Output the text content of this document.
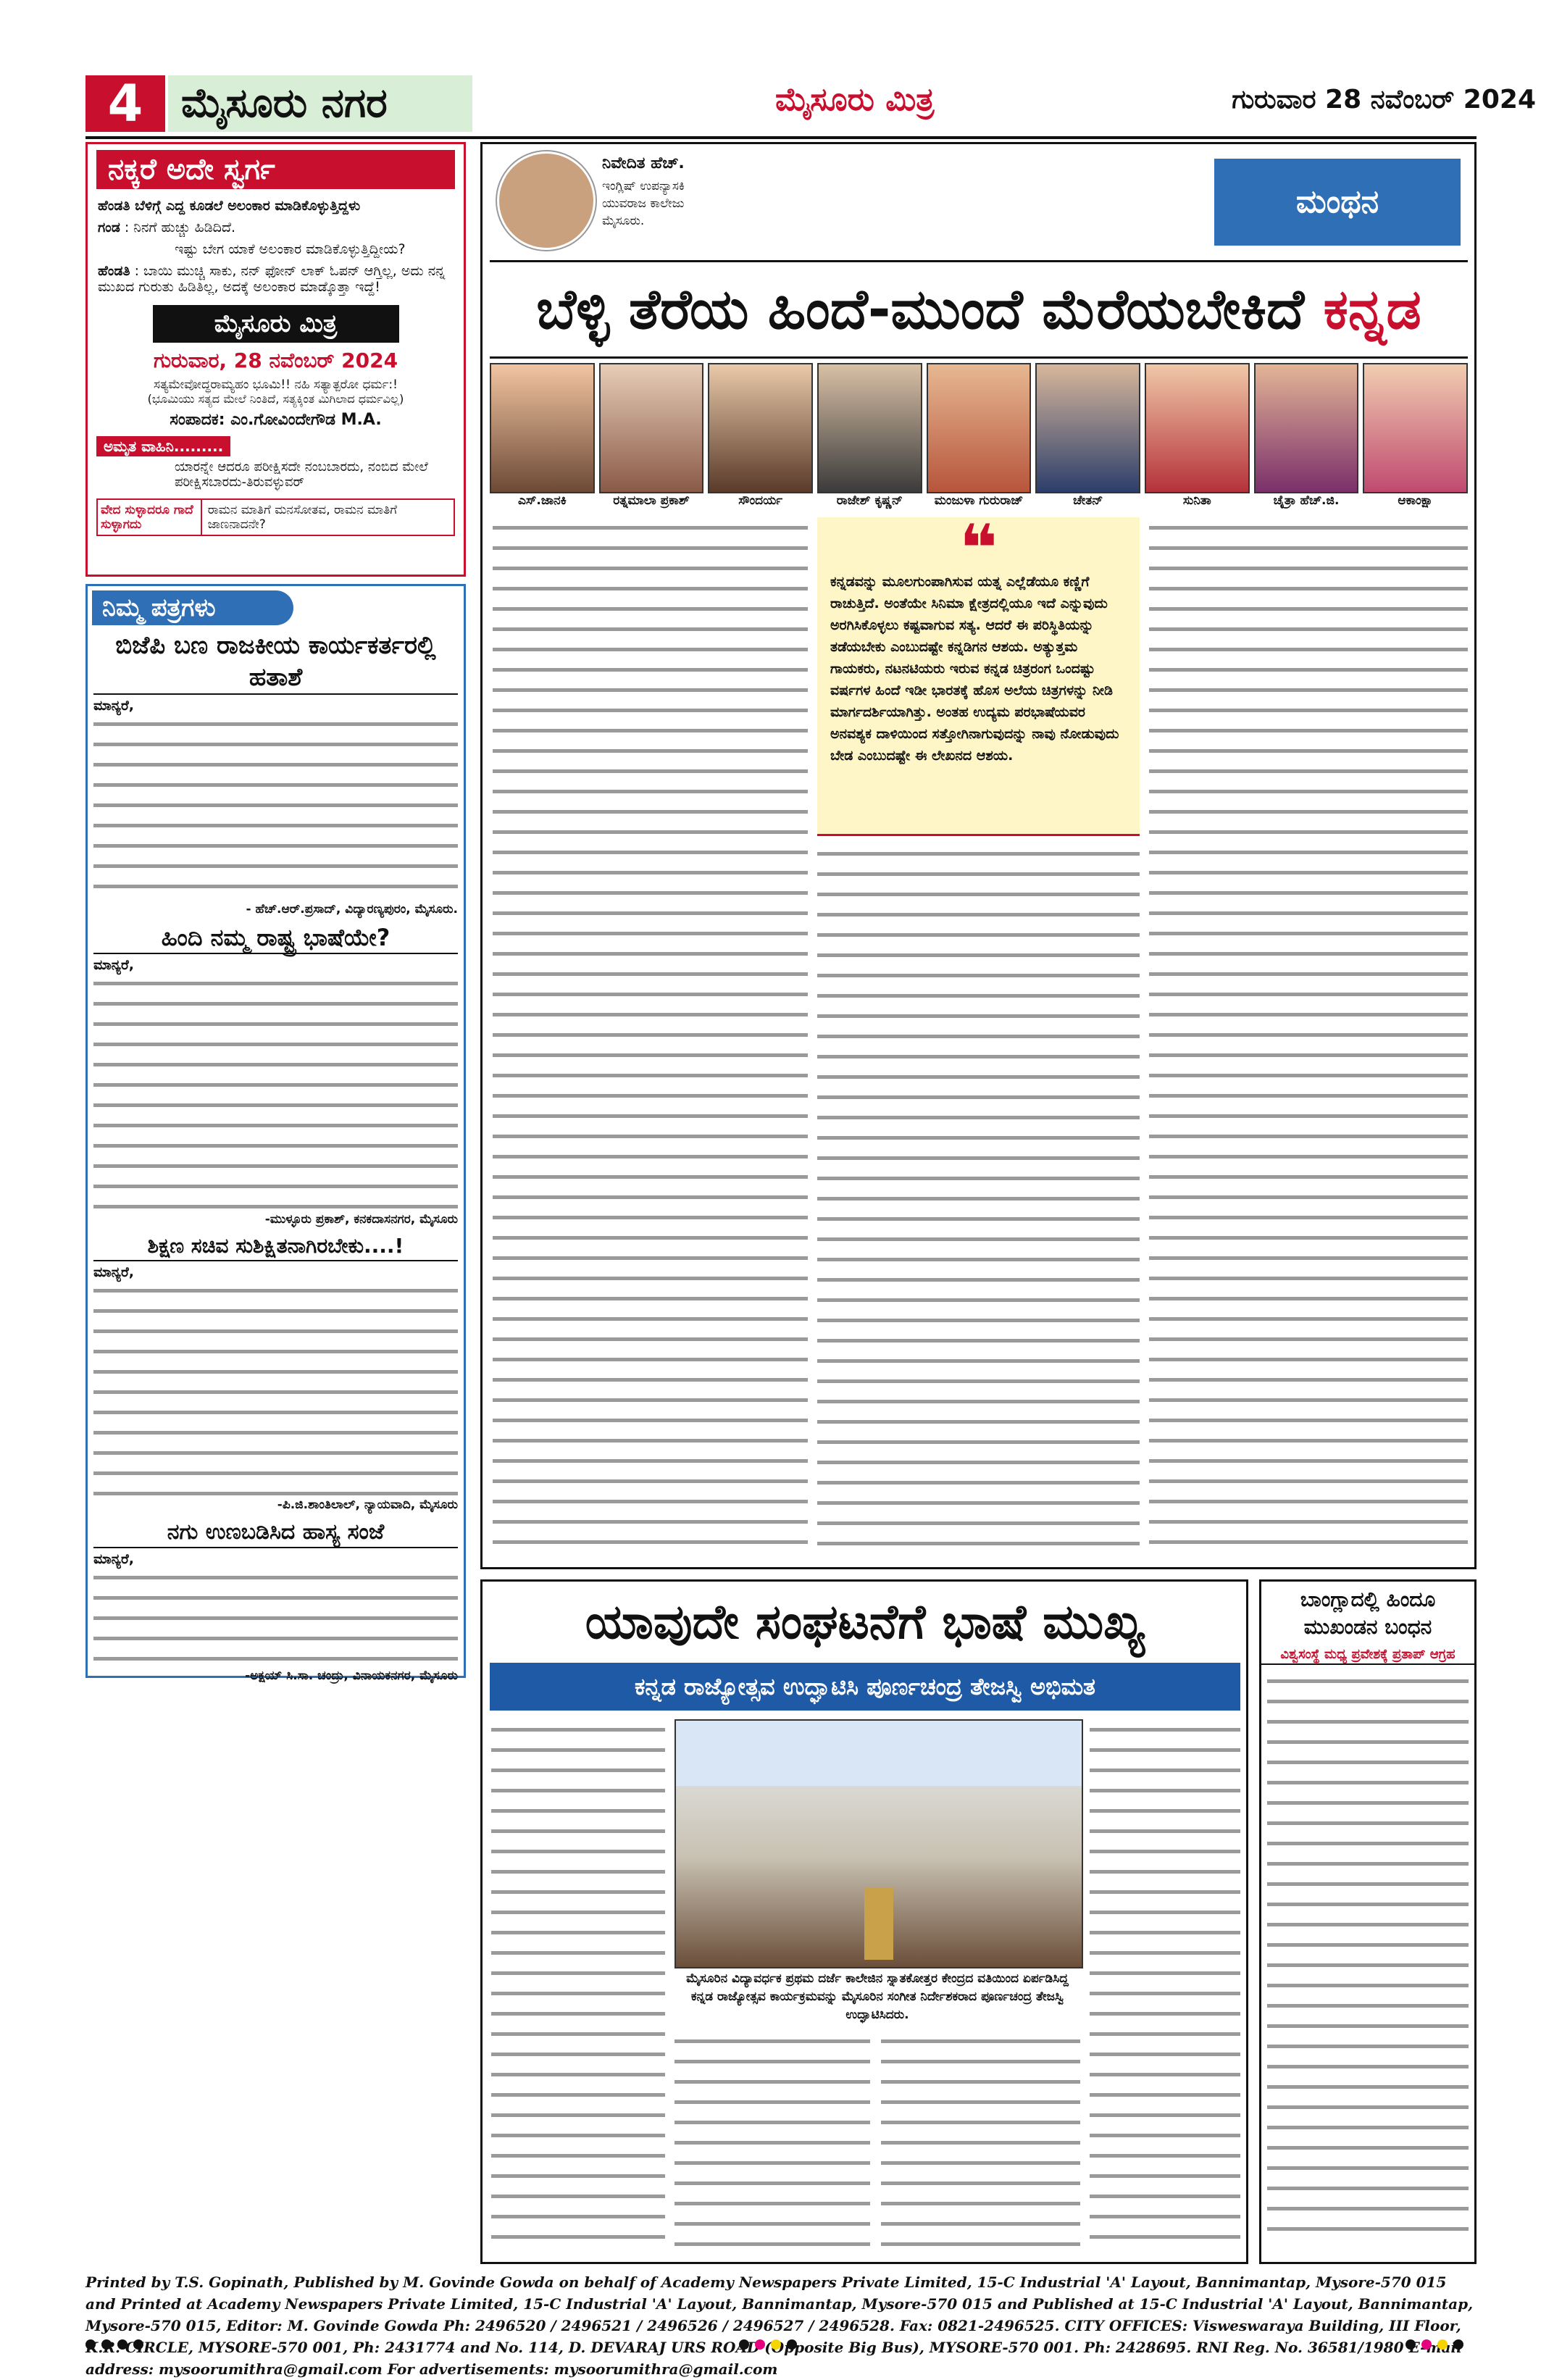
ಪುಟ
4 ಮೈಸೂರು ನಗರ	ಮೈಸೂರು ಮಿತ್ರ	ಗುರುವಾರ 28 ನವೆಂಬರ್ 2024
ನಕ್ಕರೆ ಅದೇ ಸ್ವರ್ಗ
ಹೆಂಡತಿ ಬೆಳಿಗ್ಗೆ ಎದ್ದ ಕೂಡಲೆ ಅಲಂಕಾರ ಮಾಡಿಕೊಳ್ಳುತ್ತಿದ್ದಳು
ಗಂಡ : ನಿನಗೆ ಹುಚ್ಚು ಹಿಡಿದಿದೆ.
ಇಷ್ಟು ಬೇಗ ಯಾಕೆ ಅಲಂಕಾರ ಮಾಡಿಕೊಳ್ಳುತ್ತಿದ್ದೀಯ?
ಹೆಂಡತಿ : ಬಾಯಿ ಮುಚ್ಚಿ ಸಾಕು, ನನ್ ಫೋನ್ ಲಾಕ್ ಓಪನ್ ಆಗ್ತಿಲ್ಲ, ಅದು ನನ್ನ ಮುಖದ ಗುರುತು ಹಿಡಿತಿಲ್ಲ, ಅದಕ್ಕೆ ಅಲಂಕಾರ ಮಾಡ್ಕೊತ್ತಾ ಇದ್ದೆ!
ಮೈಸೂರು ಮಿತ್ರ
ಗುರುವಾರ, 28 ನವೆಂಬರ್ 2024
ಸತ್ಯಮೇವೋದ್ಧರಾಮ್ಯಹಂ ಭೂಮಿ!! ನಹಿ ಸತ್ಯಾತ್ಪರೋ ಧರ್ಮ:!
(ಭೂಮಿಯು ಸತ್ಯದ ಮೇಲೆ ನಿಂತಿದೆ, ಸತ್ಯಕ್ಕಿಂತ ಮಿಗಿಲಾದ ಧರ್ಮವಿಲ್ಲ)
ಸಂಪಾದಕ: ಎಂ.ಗೋವಿಂದೇಗೌಡ M.A.
ಅಮೃತ ವಾಹಿನಿ.........
ಯಾರನ್ನೇ ಆದರೂ ಪರೀಕ್ಷಿಸದೇ ನಂಬಬಾರದು, ನಂಬಿದ ಮೇಲೆ ಪರೀಕ್ಷಿಸಬಾರದು-ತಿರುವಳ್ಳುವರ್
ವೇದ ಸುಳ್ಳಾದರೂ ಗಾದೆ ಸುಳ್ಳಾಗದು
ರಾಮನ ಮಾತಿಗೆ ಮನಸೋತವ, ರಾಮನ ಮಾತಿಗೆ ಜಾಣನಾದನೇ?
ನಿಮ್ಮ ಪತ್ರಗಳು
ಬಿಜೆಪಿ ಬಣ ರಾಜಕೀಯ ಕಾರ್ಯಕರ್ತರಲ್ಲಿ ಹತಾಶೆ
ಮಾನ್ಯರೆ,
- ಹೆಚ್.ಆರ್.ಪ್ರಸಾದ್, ವಿದ್ಯಾರಣ್ಯಪುರಂ, ಮೈಸೂರು.
ಹಿಂದಿ ನಮ್ಮ ರಾಷ್ಟ್ರ ಭಾಷೆಯೇ?
ಮಾನ್ಯರೆ,
-ಮುಳ್ಳೂರು ಪ್ರಕಾಶ್, ಕನಕದಾಸನಗರ, ಮೈಸೂರು
ಶಿಕ್ಷಣ ಸಚಿವ ಸುಶಿಕ್ಷಿತನಾಗಿರಬೇಕು....!
ಮಾನ್ಯರೆ,
-ಪಿ.ಜಿ.ಶಾಂತಿಲಾಲ್, ನ್ಯಾಯವಾದಿ, ಮೈಸೂರು
ನಗು ಉಣಬಡಿಸಿದ ಹಾಸ್ಯ ಸಂಜೆ
ಮಾನ್ಯರೆ,
-ಅಕ್ಷಯ್ ಸಿ.ಸಾ. ಚಂದ್ರು, ವಿನಾಯಕನಗರ, ಮೈಸೂರು
ನಿವೇದಿತ ಹೆಚ್.
ಇಂಗ್ಲಿಷ್ ಉಪನ್ಯಾಸಕಿ ಯುವರಾಜ ಕಾಲೇಜು ಮೈಸೂರು.
ಮಂಥನ
ಬೆಳ್ಳಿ ತೆರೆಯ ಹಿಂದೆ-ಮುಂದೆ ಮೆರೆಯಬೇಕಿದೆ ಕನ್ನಡ
ಎಸ್.ಜಾನಕಿ	ರತ್ನಮಾಲಾ ಪ್ರಕಾಶ್	ಸೌಂದರ್ಯ	ರಾಜೇಶ್ ಕೃಷ್ಣನ್	ಮಂಜುಳಾ ಗುರುರಾಜ್	ಚೇತನ್	ಸುನಿತಾ	ಚೈತ್ರಾ ಹೆಚ್.ಜಿ.	ಆಕಾಂಕ್ಷಾ
❝
ಕನ್ನಡವನ್ನು ಮೂಲಗುಂಪಾಗಿಸುವ ಯತ್ನ ಎಲ್ಲೆಡೆಯೂ ಕಣ್ಣಿಗೆ ರಾಚುತ್ತಿದೆ. ಅಂತೆಯೇ ಸಿನಿಮಾ ಕ್ಷೇತ್ರದಲ್ಲಿಯೂ ಇದೆ ಎನ್ನುವುದು ಅರಗಿಸಿಕೊಳ್ಳಲು ಕಷ್ಟವಾಗುವ ಸತ್ಯ. ಆದರೆ ಈ ಪರಿಸ್ಥಿತಿಯನ್ನು ತಡೆಯಬೇಕು ಎಂಬುದಷ್ಟೇ ಕನ್ನಡಿಗನ ಆಶಯ. ಅತ್ಯುತ್ತಮ ಗಾಯಕರು, ನಟನಟಿಯರು ಇರುವ ಕನ್ನಡ ಚಿತ್ರರಂಗ ಒಂದಷ್ಟು ವರ್ಷಗಳ ಹಿಂದೆ ಇಡೀ ಭಾರತಕ್ಕೆ ಹೊಸ ಅಲೆಯ ಚಿತ್ರಗಳನ್ನು ನೀಡಿ ಮಾರ್ಗದರ್ಶಿಯಾಗಿತ್ತು. ಅಂತಹ ಉದ್ಯಮ ಪರಭಾಷೆಯವರ ಅನವಶ್ಯಕ ದಾಳಿಯಿಂದ ಸತ್ತೋಗಿನಾಗುವುದನ್ನು ನಾವು ನೋಡುವುದು ಬೇಡ ಎಂಬುದಷ್ಟೇ ಈ ಲೇಖನದ ಆಶಯ.
ಯಾವುದೇ ಸಂಘಟನೆಗೆ ಭಾಷೆ ಮುಖ್ಯ
ಕನ್ನಡ ರಾಜ್ಯೋತ್ಸವ ಉದ್ಘಾಟಿಸಿ ಪೂರ್ಣಚಂದ್ರ ತೇಜಸ್ವಿ ಅಭಿಮತ
ಮೈಸೂರಿನ ವಿದ್ಯಾವರ್ಧಕ ಪ್ರಥಮ ದರ್ಜೆ ಕಾಲೇಜಿನ ಸ್ನಾತಕೋತ್ತರ ಕೇಂದ್ರದ ವತಿಯಿಂದ ಏರ್ಪಡಿಸಿದ್ದ ಕನ್ನಡ ರಾಜ್ಯೋತ್ಸವ ಕಾರ್ಯಕ್ರಮವನ್ನು ಮೈಸೂರಿನ ಸಂಗೀತ ನಿರ್ದೇಶಕರಾದ ಪೂರ್ಣಚಂದ್ರ ತೇಜಸ್ವಿ ಉದ್ಘಾಟಿಸಿದರು.
ಬಾಂಗ್ಲಾದಲ್ಲಿ ಹಿಂದೂ ಮುಖಂಡನ ಬಂಧನ
ವಿಶ್ವಸಂಸ್ಥೆ ಮಧ್ಯ ಪ್ರವೇಶಕ್ಕೆ ಪ್ರತಾಪ್ ಆಗ್ರಹ
Printed by T.S. Gopinath, Published by M. Govinde Gowda on behalf of Academy Newspapers Private Limited, 15-C Industrial 'A' Layout, Bannimantap, Mysore-570 015 and Printed at Academy Newspapers Private Limited, 15-C Industrial 'A' Layout, Bannimantap, Mysore-570 015 and Published at 15-C Industrial 'A' Layout, Bannimantap, Mysore-570 015, Editor: M. Govinde Gowda Ph: 2496520 / 2496521 / 2496526 / 2496527 / 2496528. Fax: 0821-2496525. CITY OFFICES: Visweswaraya Building, III Floor, CIRCLE, MYSORE-570 001, Ph: 2431774 and No. 114, D. DEVARAJ URS ROAD (Opposite Big Bus), MYSORE-570 001. Ph: 2428695. RNI Reg. No. 36581/1980 E-mail address: mysoorumithra@gmail.com For advertisements: mysoorumithra@gmail.com
